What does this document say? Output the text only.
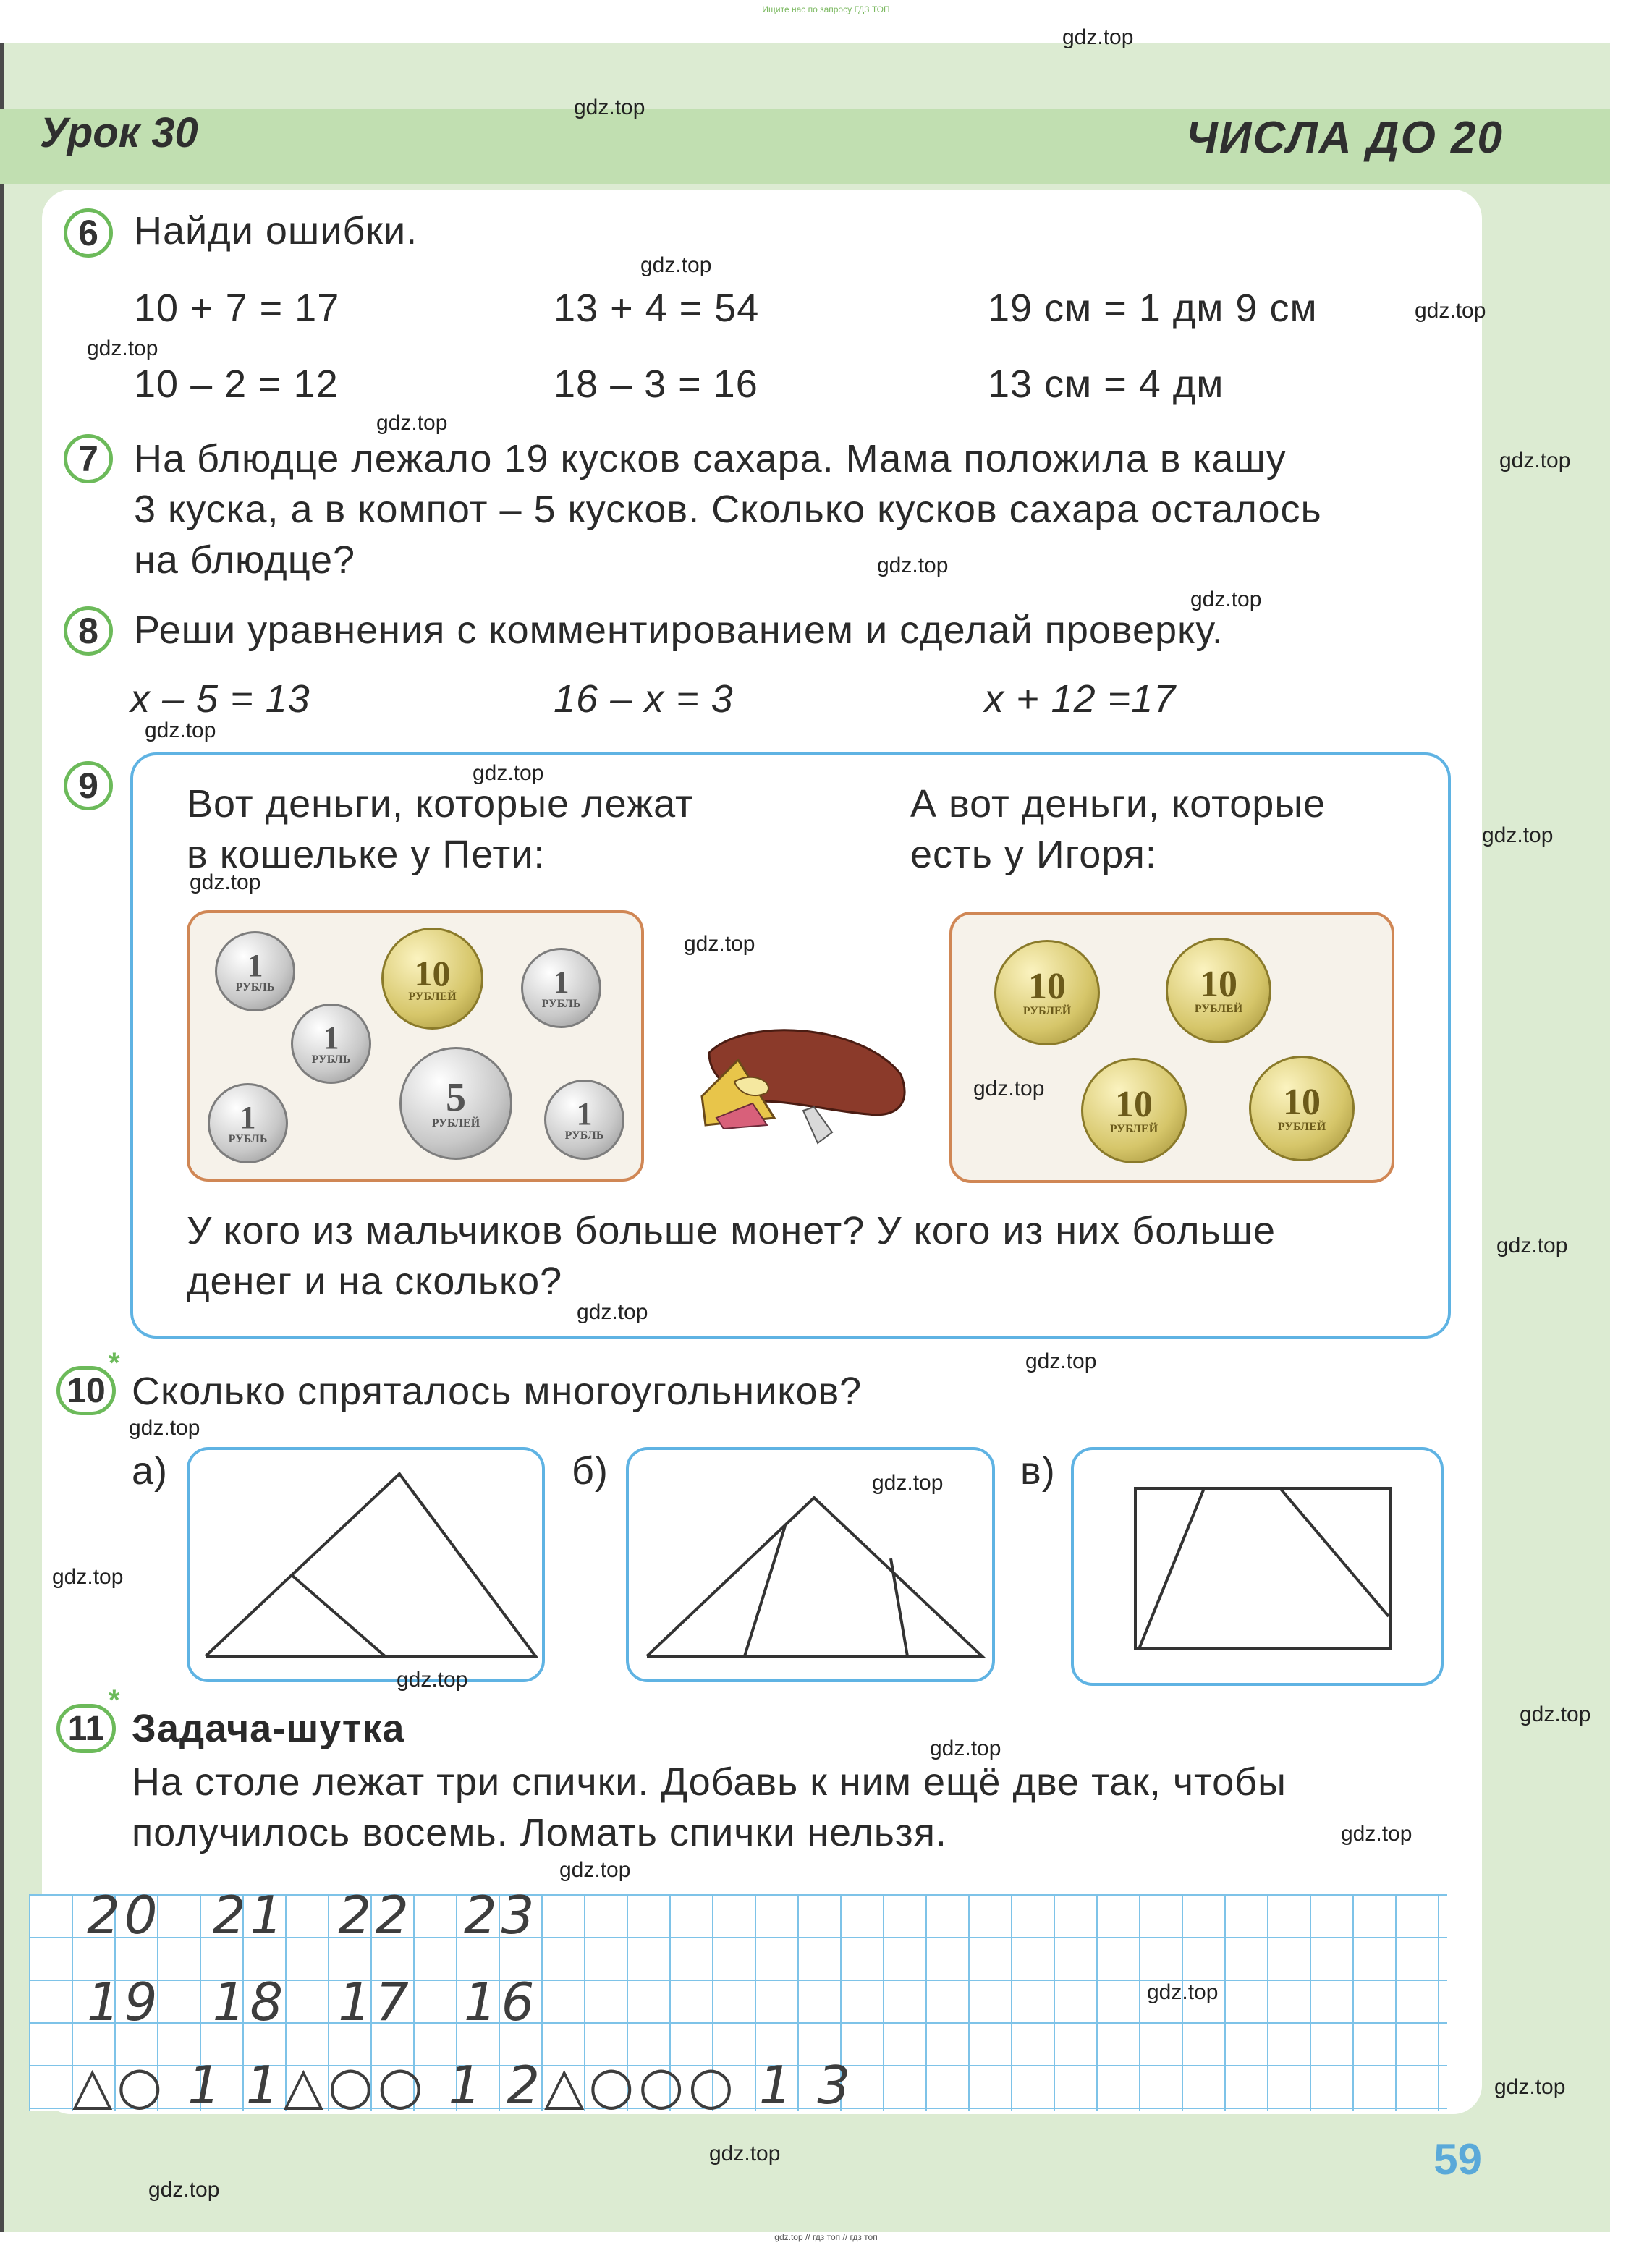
Ищите нас по запросу ГДЗ ТОП
Урок 30	ЧИСЛА ДО 20
6 Найди ошибки.
10 + 7 = 17	13 + 4 = 54	19 см = 1 дм 9 см
10 – 2 = 12	18 – 3 = 16	13 см = 4 дм
7 На блюдце лежало 19 кусков сахара. Мама положила в кашу
3 куска, а в компот – 5 кусков. Сколько кусков сахара осталось
на блюдце?
8 Реши уравнения с комментированием и сделай проверку.
x – 5 = 13	16 – x = 3	x + 12 =17
9	Вот деньги, которые лежат
в кошельке у Пети:
А вот деньги, которые
есть у Игоря:
1
РУБЛЬ	10
РУБЛЕЙ	1
РУБЛЬ
1
РУБЛЬ
1
РУБЛЬ
5
РУБЛЕЙ	1
РУБЛЬ
10
РУБЛЕЙ
10
РУБЛЕЙ
10
РУБЛЕЙ
10
РУБЛЕЙ
У кого из мальчиков больше монет? У кого из них больше
денег и на сколько?
10
*
Сколько спряталось многоугольников?
а)	б)	в)
11
*
Задача-шутка
На столе лежат три спички. Добавь к ним ещё две так, чтобы
получилось восемь. Ломать спички нельзя.
20 21 22 23
19 18 17 16
△○ 1 1△○○ 1 2△○○○ 1 3
59
gdz.top
gdz.top
gdz.top
gdz.top
gdz.top
gdz.top
gdz.top
gdz.top
gdz.top
gdz.top
gdz.top
gdz.top
gdz.top
gdz.top
gdz.top
gdz.top
gdz.top
gdz.top
gdz.top
gdz.top
gdz.top
gdz.top
gdz.top
gdz.top
gdz.top
gdz.top
gdz.top
gdz.top
gdz.top
gdz.top
gdz.top // гдз топ // гдз топ
